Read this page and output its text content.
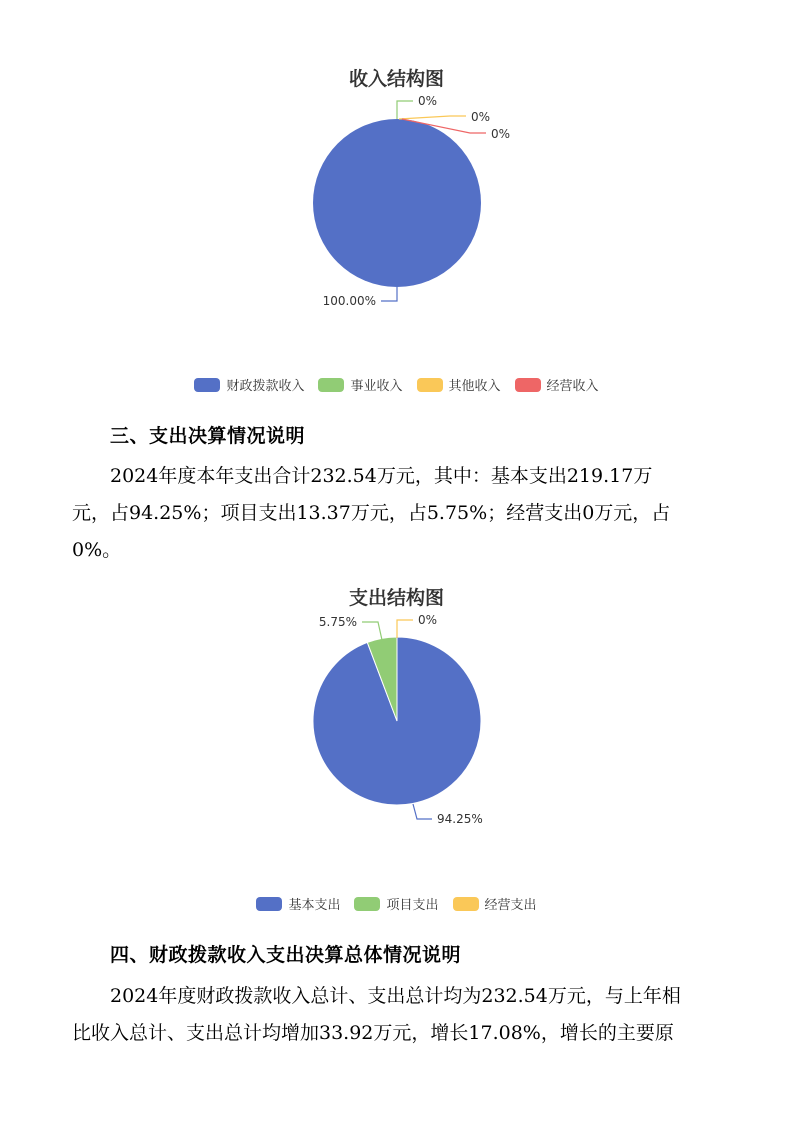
收入结构图
0%
0%
0%
100.00%
财政拨款收入	事业收入	其他收入	经营收入
三、支出决算情况说明
2024年度本年支出合计232.54万元，其中：基本支出219.17万
元，占94.25%；项目支出13.37万元，占5.75%；经营支出0万元，占
0%。
支出结构图
0%
5.75%
94.25%
基本支出	项目支出	经营支出
四、财政拨款收入支出决算总体情况说明
2024年度财政拨款收入总计、支出总计均为232.54万元，与上年相
比收入总计、支出总计均增加33.92万元，增长17.08%，增长的主要原
